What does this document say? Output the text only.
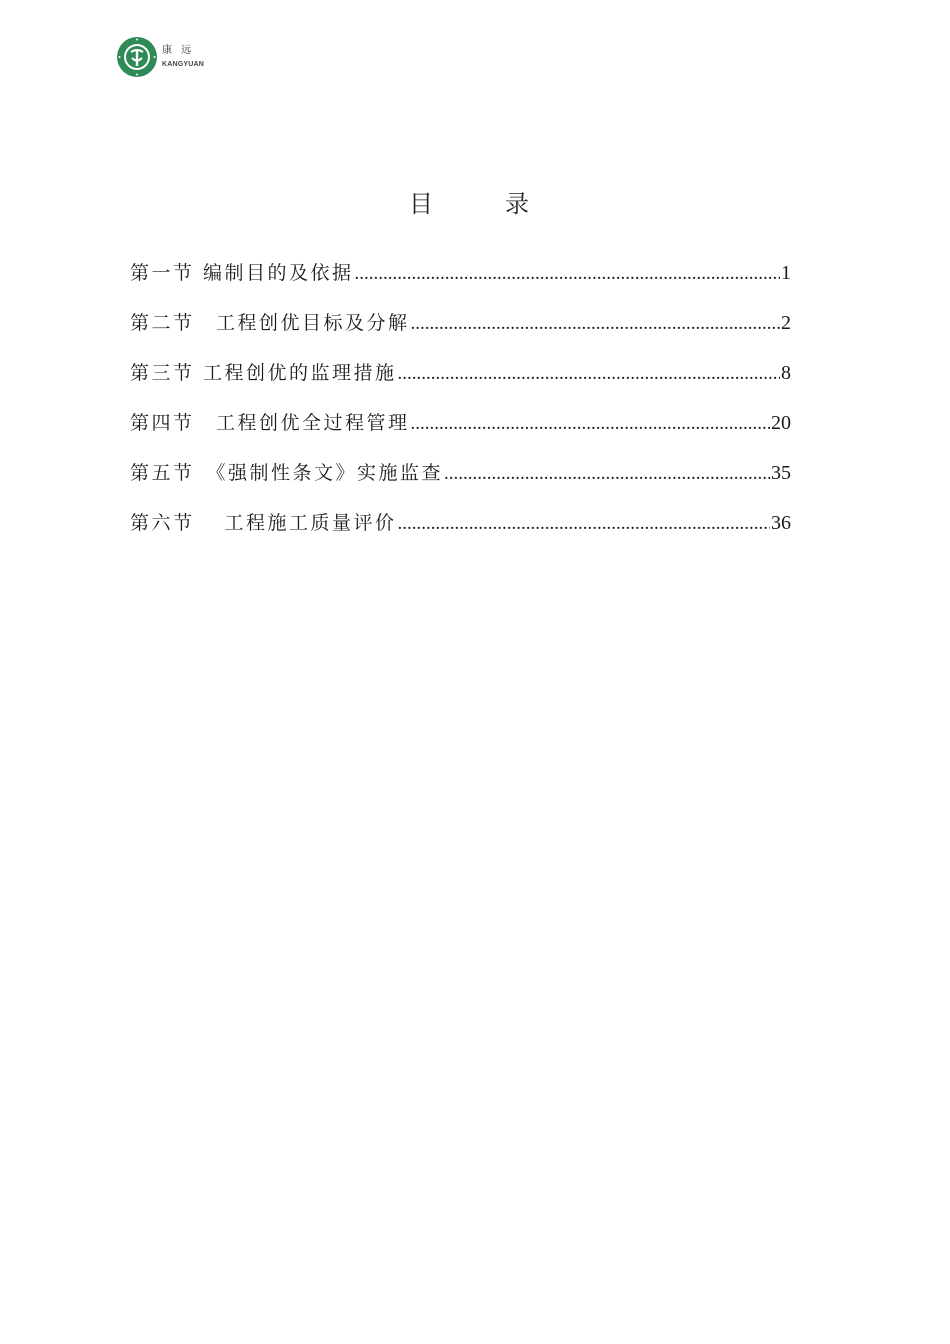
康 远
KANGYUAN
目　录
第一节 编制目的及依据 .....	1
第二节　工程创优目标及分解 .....	2
第三节 工程创优的监理措施 .....	8
第四节　工程创优全过程管理 .....	20
第五节　《强制性条文》实施监查 .....	35
第六节　 工程施工质量评价 .....	36
